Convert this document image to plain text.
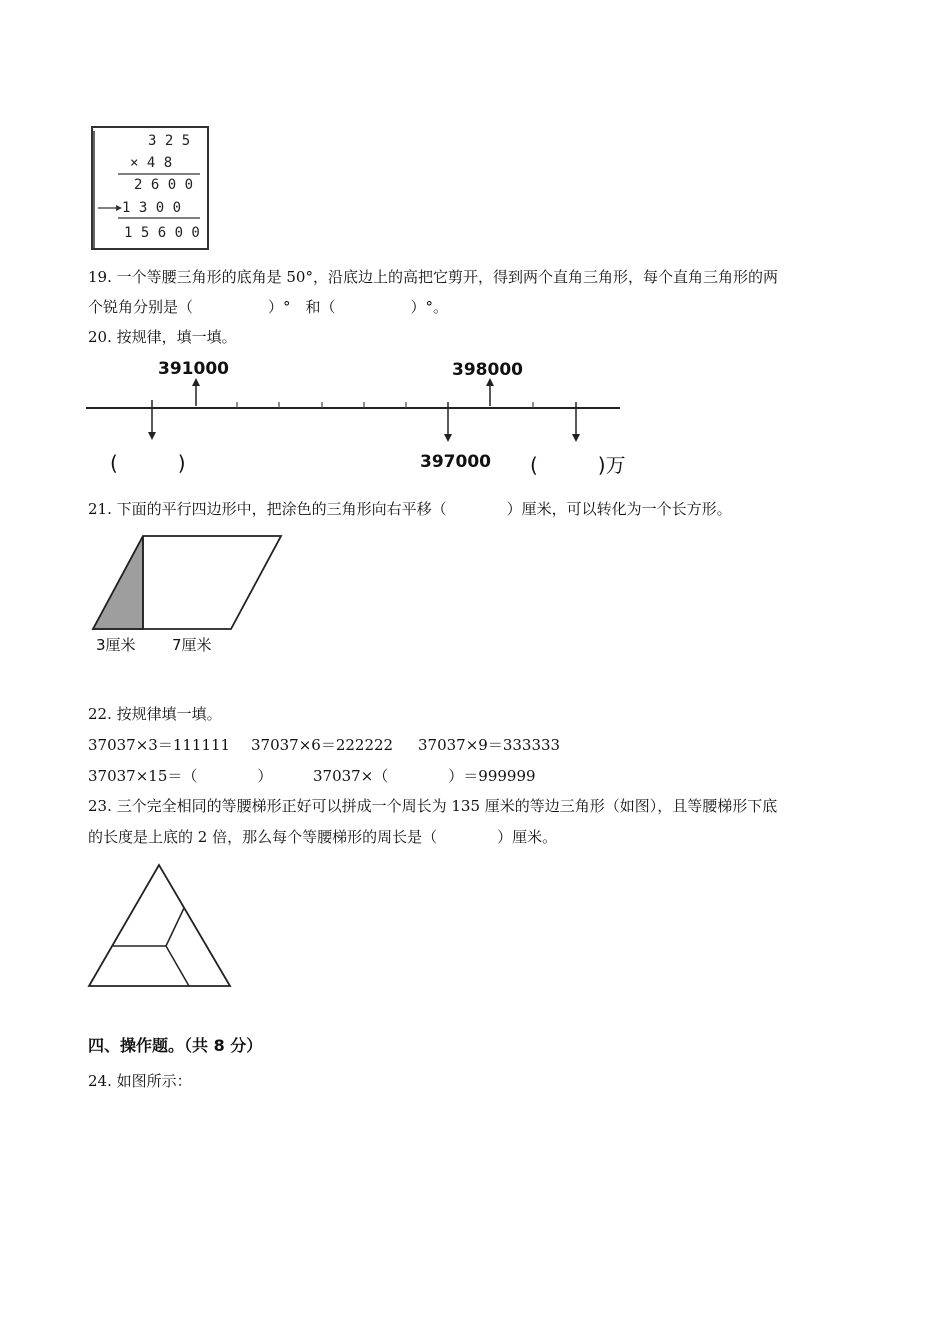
3 2 5
× 4 8
2 6 0 0
1 3 0 0
1 5 6 0 0
19. 一个等腰三角形的底角是 50°，沿底边上的高把它剪开，得到两个直角三角形，每个直角三角形的两
个锐角分别是（　　　　　）°　和（　　　　　）°。
20. 按规律，填一填。
391000	398000
(　　　)	397000 (　　　)万
21. 下面的平行四边形中，把涂色的三角形向右平移（　　　　）厘米，可以转化为一个长方形。
3厘米 7厘米
22. 按规律填一填。
37037×3＝111111 37037×6＝222222 37037×9＝333333
37037×15＝（　　　　）	37037×（　　　　）＝999999
23. 三个完全相同的等腰梯形正好可以拼成一个周长为 135 厘米的等边三角形（如图），且等腰梯形下底
的长度是上底的 2 倍，那么每个等腰梯形的周长是（　　　　）厘米。
四、操作题。（共 8 分）
24. 如图所示：
